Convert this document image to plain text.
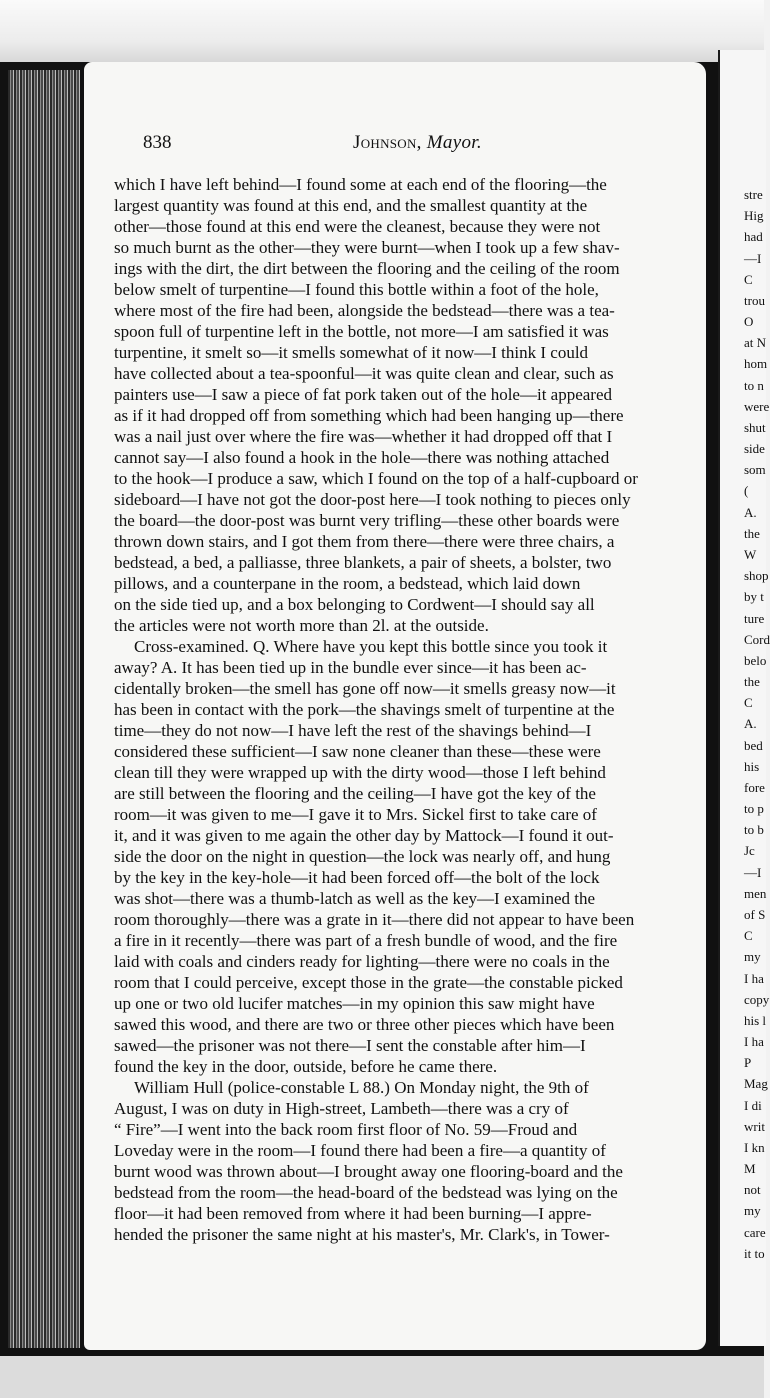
838	Johnson, Mayor.
which I have left behind—I found some at each end of the flooring—the
largest quantity was found at this end, and the smallest quantity at the
other—those found at this end were the cleanest, because they were not
so much burnt as the other—they were burnt—when I took up a few shav-
ings with the dirt, the dirt between the flooring and the ceiling of the room
below smelt of turpentine—I found this bottle within a foot of the hole,
where most of the fire had been, alongside the bedstead—there was a tea-
spoon full of turpentine left in the bottle, not more—I am satisfied it was
turpentine, it smelt so—it smells somewhat of it now—I think I could
have collected about a tea-spoonful—it was quite clean and clear, such as
painters use—I saw a piece of fat pork taken out of the hole—it appeared
as if it had dropped off from something which had been hanging up—there
was a nail just over where the fire was—whether it had dropped off that I
cannot say—I also found a hook in the hole—there was nothing attached
to the hook—I produce a saw, which I found on the top of a half-cupboard or
sideboard—I have not got the door-post here—I took nothing to pieces only
the board—the door-post was burnt very trifling—these other boards were
thrown down stairs, and I got them from there—there were three chairs, a
bedstead, a bed, a palliasse, three blankets, a pair of sheets, a bolster, two
pillows, and a counterpane in the room, a bedstead, which laid down
on the side tied up, and a box belonging to Cordwent—I should say all
the articles were not worth more than 2l. at the outside.
Cross-examined. Q. Where have you kept this bottle since you took it
away? A. It has been tied up in the bundle ever since—it has been ac-
cidentally broken—the smell has gone off now—it smells greasy now—it
has been in contact with the pork—the shavings smelt of turpentine at the
time—they do not now—I have left the rest of the shavings behind—I
considered these sufficient—I saw none cleaner than these—these were
clean till they were wrapped up with the dirty wood—those I left behind
are still between the flooring and the ceiling—I have got the key of the
room—it was given to me—I gave it to Mrs. Sickel first to take care of
it, and it was given to me again the other day by Mattock—I found it out-
side the door on the night in question—the lock was nearly off, and hung
by the key in the key-hole—it had been forced off—the bolt of the lock
was shot—there was a thumb-latch as well as the key—I examined the
room thoroughly—there was a grate in it—there did not appear to have been
a fire in it recently—there was part of a fresh bundle of wood, and the fire
laid with coals and cinders ready for lighting—there were no coals in the
room that I could perceive, except those in the grate—the constable picked
up one or two old lucifer matches—in my opinion this saw might have
sawed this wood, and there are two or three other pieces which have been
sawed—the prisoner was not there—I sent the constable after him—I
found the key in the door, outside, before he came there.
William Hull (police-constable L 88.) On Monday night, the 9th of
August, I was on duty in High-street, Lambeth—there was a cry of
“ Fire”—I went into the back room first floor of No. 59—Froud and
Loveday were in the room—I found there had been a fire—a quantity of
burnt wood was thrown about—I brought away one flooring-board and the
bedstead from the room—the head-board of the bedstead was lying on the
floor—it had been removed from where it had been burning—I appre-
hended the prisoner the same night at his master's, Mr. Clark's, in Tower-
stre
Hig
had
—I
C
trou
O
at N
hom
to n
were
shut
side
som
(
A.
the
W
shop
by t
ture
Cord
belo
the
C
A.
bed
his
fore
to p
to b
Jc
—I
men
of S
C
my
I ha
copy
his l
I ha
P
Mag
I di
writ
I kn
M
not
my
care
it to
